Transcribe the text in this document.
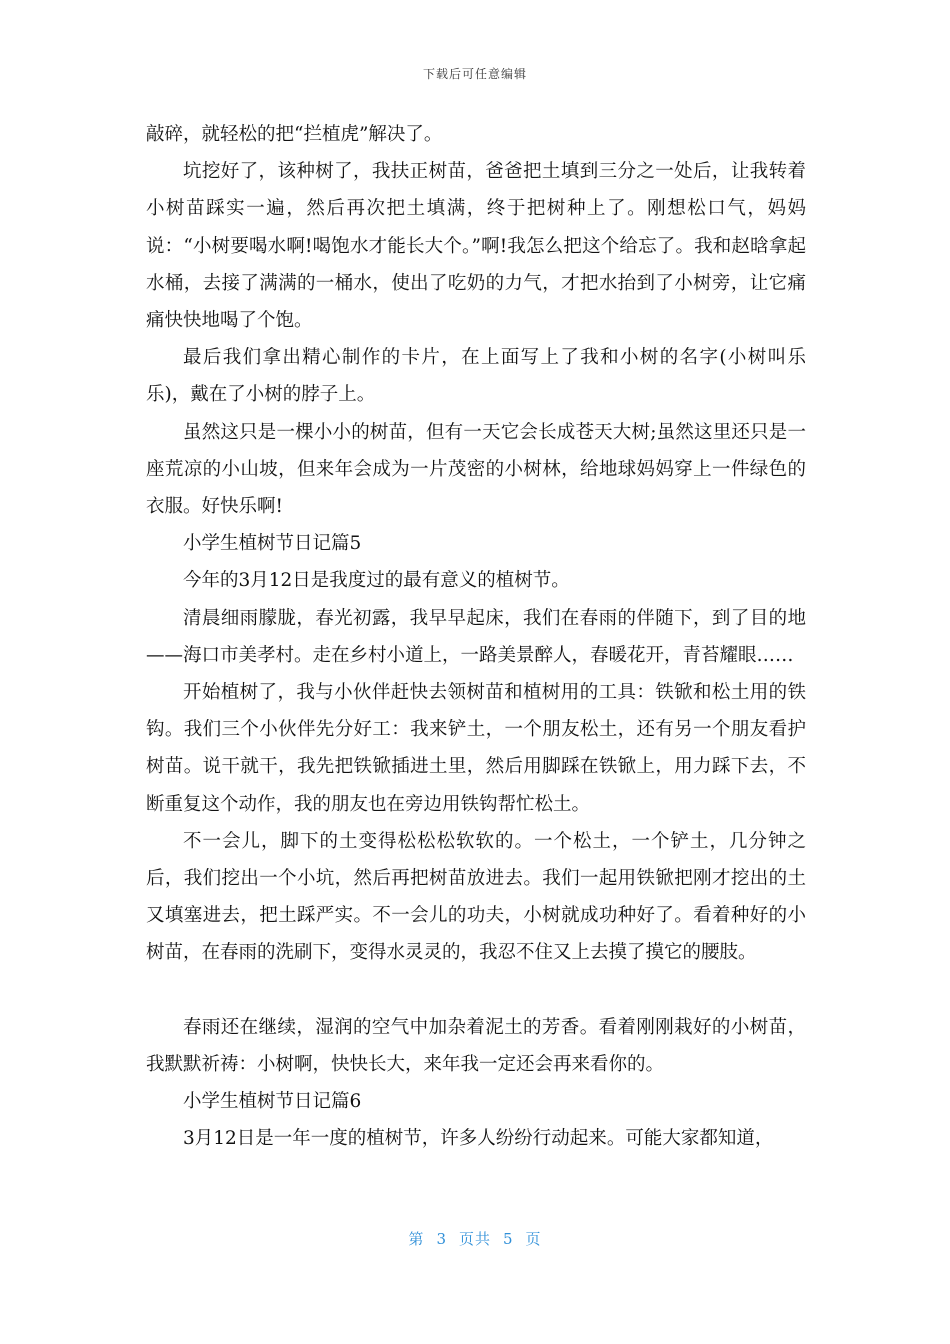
下载后可任意编辑

敲碎，就轻松的把“拦植虎”解决了。

坑挖好了，该种树了，我扶正树苗，爸爸把土填到三分之一处后，让我转着小树苗踩实一遍，然后再次把土填满，终于把树种上了。刚想松口气，妈妈说：“小树要喝水啊!喝饱水才能长大个。”啊!我怎么把这个给忘了。我和赵晗拿起水桶，去接了满满的一桶水，使出了吃奶的力气，才把水抬到了小树旁，让它痛痛快快地喝了个饱。

最后我们拿出精心制作的卡片，在上面写上了我和小树的名字(小树叫乐乐)，戴在了小树的脖子上。

虽然这只是一棵小小的树苗，但有一天它会长成苍天大树;虽然这里还只是一座荒凉的小山坡，但来年会成为一片茂密的小树林，给地球妈妈穿上一件绿色的衣服。好快乐啊!

小学生植树节日记篇5

今年的3月12日是我度过的最有意义的植树节。

清晨细雨朦胧，春光初露，我早早起床，我们在春雨的伴随下，到了目的地——海口市美孝村。走在乡村小道上，一路美景醉人，春暖花开，青苔耀眼……

开始植树了，我与小伙伴赶快去领树苗和植树用的工具：铁锨和松土用的铁钩。我们三个小伙伴先分好工：我来铲土，一个朋友松土，还有另一个朋友看护树苗。说干就干，我先把铁锨插进土里，然后用脚踩在铁锨上，用力踩下去，不断重复这个动作，我的朋友也在旁边用铁钩帮忙松土。

不一会儿，脚下的土变得松松松软软的。一个松土，一个铲土，几分钟之后，我们挖出一个小坑，然后再把树苗放进去。我们一起用铁锨把刚才挖出的土又填塞进去，把土踩严实。不一会儿的功夫，小树就成功种好了。看着种好的小树苗，在春雨的洗刷下，变得水灵灵的，我忍不住又上去摸了摸它的腰肢。

春雨还在继续，湿润的空气中加杂着泥土的芳香。看着刚刚栽好的小树苗，我默默祈祷：小树啊，快快长大，来年我一定还会再来看你的。

小学生植树节日记篇6

3月12日是一年一度的植树节，许多人纷纷行动起来。可能大家都知道，

第 3 页共 5 页
